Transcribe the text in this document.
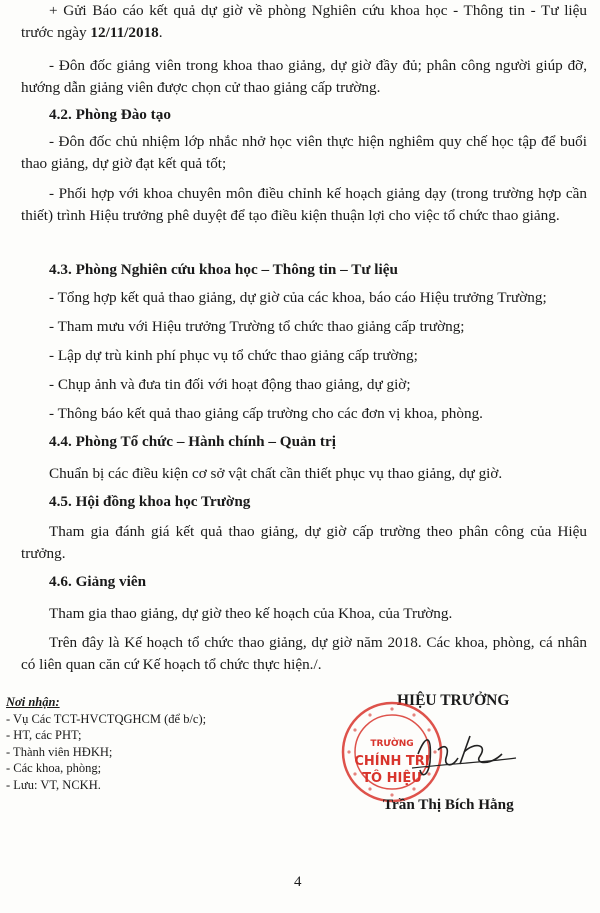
+ Gửi Báo cáo kết quả dự giờ về phòng Nghiên cứu khoa học - Thông tin - Tư liệu trước ngày 12/11/2018.

- Đôn đốc giảng viên trong khoa thao giảng, dự giờ đầy đủ; phân công người giúp đỡ, hướng dẫn giảng viên được chọn cử thao giảng cấp trường.

4.2. Phòng Đào tạo

- Đôn đốc chủ nhiệm lớp nhắc nhở học viên thực hiện nghiêm quy chế học tập để buổi thao giảng, dự giờ đạt kết quả tốt;

- Phối hợp với khoa chuyên môn điều chỉnh kế hoạch giảng dạy (trong trường hợp cần thiết) trình Hiệu trưởng phê duyệt để tạo điều kiện thuận lợi cho việc tổ chức thao giảng.

4.3. Phòng Nghiên cứu khoa học – Thông tin – Tư liệu

- Tổng hợp kết quả thao giảng, dự giờ của các khoa, báo cáo Hiệu trưởng Trường;

- Tham mưu với Hiệu trưởng Trường tổ chức thao giảng cấp trường;

- Lập dự trù kinh phí phục vụ tổ chức thao giảng cấp trường;

- Chụp ảnh và đưa tin đối với hoạt động thao giảng, dự giờ;

- Thông báo kết quả thao giảng cấp trường cho các đơn vị khoa, phòng.

4.4. Phòng Tổ chức – Hành chính – Quản trị

Chuẩn bị các điều kiện cơ sở vật chất cần thiết phục vụ thao giảng, dự giờ.

4.5. Hội đồng khoa học Trường

Tham gia đánh giá kết quả thao giảng, dự giờ cấp trường theo phân công của Hiệu trưởng.

4.6. Giảng viên

Tham gia thao giảng, dự giờ theo kế hoạch của Khoa, của Trường.

Trên đây là Kế hoạch tổ chức thao giảng, dự giờ năm 2018. Các khoa, phòng, cá nhân có liên quan căn cứ Kế hoạch tổ chức thực hiện./.

Nơi nhận:
- Vụ Các TCT-HVCTQGHCM (để b/c);
- HT, các PHT;
- Thành viên HĐKH;
- Các khoa, phòng;
- Lưu: VT, NCKH.
HIỆU TRƯỞNG
TRƯỜNG
CHÍNH TRỊ
TÔ HIỆU
Trần Thị Bích Hằng
4
